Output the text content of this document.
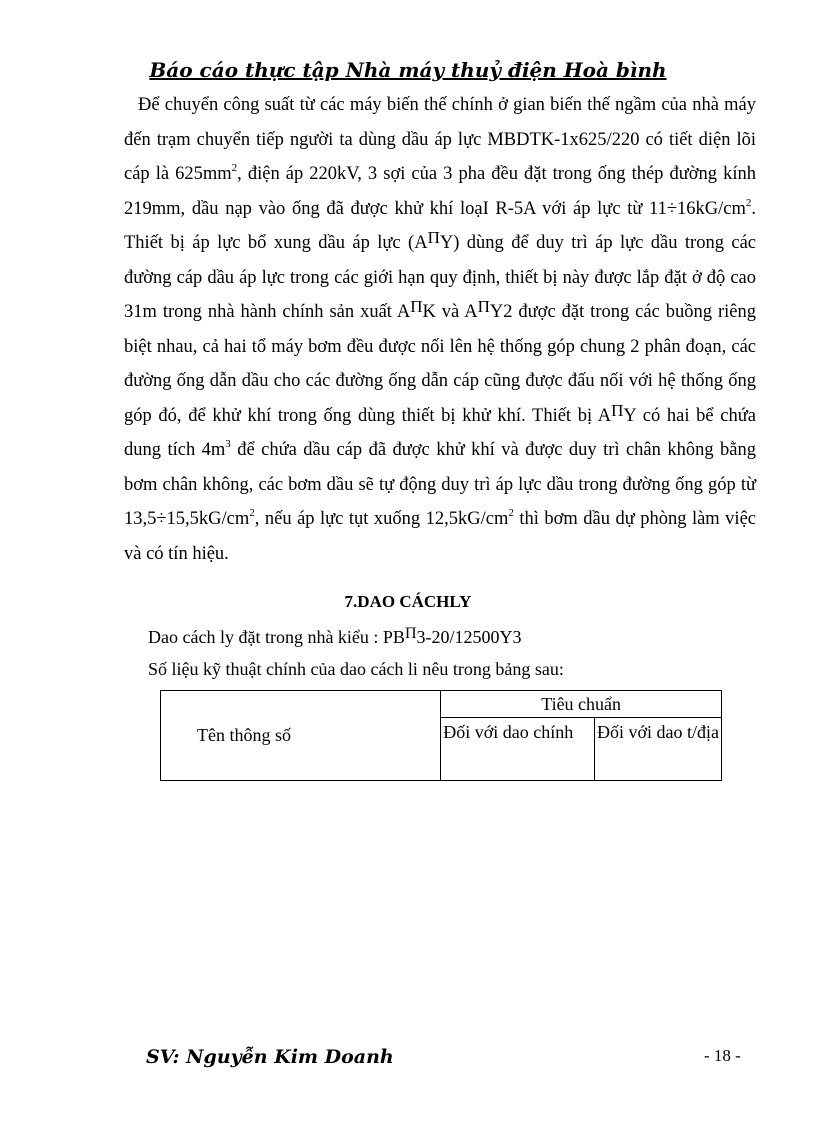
Báo cáo thực tập Nhà máy thuỷ điện Hoà bình

Để chuyển công suất từ các máy biến thế chính ở gian biến thế ngầm của nhà máy đến trạm chuyển tiếp người ta dùng dầu áp lực MBDTK-1x625/220 có tiết diện lõi cáp là $625mm^2$, điện áp 220kV, 3 sợi của 3 pha đều đặt trong ống thép đường kính 219mm, dầu nạp vào ống đã được khử khí loạI R-5A với áp lực từ $11\div 16kG/cm^2$. Thiết bị áp lực bổ xung dầu áp lực (AПY) dùng để duy trì áp lực dầu trong các đường cáp dầu áp lực trong các giới hạn quy định, thiết bị này được lắp đặt ở độ cao 31m trong nhà hành chính sản xuất AПK và AПY2 được đặt trong các buồng riêng biệt nhau, cả hai tổ máy bơm đều được nối lên hệ thống góp chung 2 phân đoạn, các đường ống dẫn dầu cho các đường ống dẫn cáp cũng được đấu nối với hệ thống ống góp đó, để khử khí trong ống dùng thiết bị khử khí. Thiết bị AПY có hai bể chứa dung tích $4m^3$ để chứa dầu cáp đã được khử khí và được duy trì chân không bằng bơm chân không, các bơm dầu sẽ tự động duy trì áp lực dầu trong đường ống góp từ $13,5\div 15,5kG/cm^2$, nếu áp lực tụt xuống $12,5kG/cm^2$ thì bơm dầu dự phòng làm việc và có tín hiệu.

7.DAO CÁCHLY
Dao cách ly đặt trong nhà kiểu : PBП3-20/12500Y3
Số liệu kỹ thuật chính của dao cách li nêu trong bảng sau:
Tên thông số	Tiêu chuẩn	
	Đối với dao chính	Đối với dao t/địa
SV: Nguyễn Kim Doanh	- 18 -
